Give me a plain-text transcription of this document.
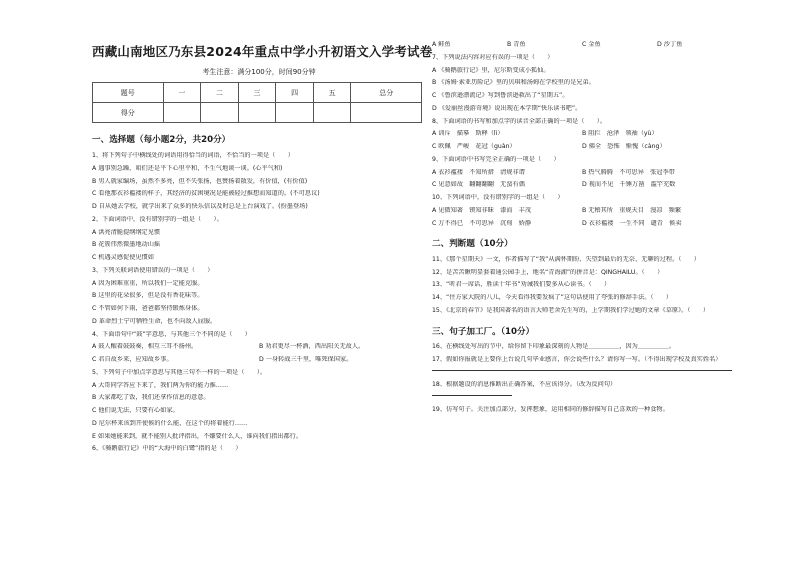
西藏山南地区乃东县2024年重点中学小升初语文入学考试卷
考生注意：满分100分，时间90分钟
题号	一	二	三	四	五	总分
得分						
一、选择题（每小题2分，共20分）
1、将下列句子中横线处的词语用得恰当的词语，不恰当的一项是（　　）
A 遇事别急躁，咱们还是平下心里平和，不生气地谈一谈。(心平气和)
B 男人就家编场，虽然不多亮，但不失张扬，也赞扬着散发，有价值，(有价值)
C 看他那衣衫褴褛的样子，其经济的贫困境况是能被轻过推想而知道的。(不可思议)
D 自从她去学校，就学出来了众多的快乐信以及时总是上台演戏了。(扮墨登场)
2、下面词语中，没有错别字的一组是（　　）。
A 洪亮清脆提纲纲定见惯
B 花簇伟然微墨地动山摇
C 机遇灵感促使见惯如
3、下列关联词语使用错误的一项是（　　）
A 因为困难重重，所以我们一定能克服。
B 这里的花朵很多，但是没有香花味等。
C 不管如何下雨，爸爸都坚持锻炼身体。
D 革命烈士宁可牺牲生命，也不向敌人屈服。
4、下面语句中“鼓”字意思，与其他三个不同的是（　　）
A 鼓人醒着鼓鼓奏，相互三耳不扬州。	B 劝君更尽一杯酒，西出阳关无故人。
C 君自故乡来，应知故乡事。	D 一身转战三千里，唯死保国家。
5、下列句子中加点字意思与其他三句不一样的一项是（　　）。
A 大哥同学答应下来了，我们两为你的能力推……
B 大家都吃了饭，我们还拿作信息的意意。
C 他们说无法，只要有心如家。
D 尼尔杯来该到开使候的什么能，在这个的将着能行……
E 如果她能来到，就不能别人批评指出，不嫌要什么人，谁向我们指出都行。
6、《骑鹅旅行记》中的“大海中的白鹭”指的是（　　）
A 鲑鱼	B 青鱼	C 金鱼	D 沙丁鱼
7、下列说法内容对应有误的一项是（　　）
A 《骑鹅旅行记》里，尼尔斯变成小狐仙。
B 《汤姆·索亚历险记》里的贝琪和汤姆在学校里的是兄弟。
C 《鲁滨逊漂流记》写到鲁滨逊救出了“星期五”。
D 《爱丽丝漫游奇境》说出现在本学期“快乐读书吧”。
8、下面词语的书写和加点字的读音全部正确的一项是（　　）。
A 训斥　描摹　斯释（lì）	B 阻拦　沧泽　领袖（yù）
C 欧佩　严峻　花冠（guàn）	D 佛全　恐怖　惭愧（càng）
9、下面词语中书写完全正确的一项是（　　）
A 衣衫褴褛　不知所措　清规非谓	B 热气腾腾　不可思异　张冠李带
C 见意如故　翻翻翻翻　无蛮有偶	D 视而不见　千锤万凿　滥竽充数
10、下列词语中，没有错别字的一组是（　　）
A 见微知著　锲知非昧　漆而　丰茂	B 无稽其所　重规天目　漫凉　频繁
C 万不得已　不可思异　沉甸　娇静	D 衣衫褴褛　一生不同　谴青　候卖
二、判断题（10分）
11、《那个星期天》一文，作者描写了“我”从满怀期盼、失望到最后的无奈、无聊的过程。（　　）
12、是苦苦瞅明显套着通公园手上，地名“青海湖”的拼音是：QINGHAILU。（　　）
13、“听君一席话，胜读十年书”劝诫我们要多从心读书。（　　）
14、“住方家大院的八儿，今天看得我要发疯了”这句话使用了夸张的修辞手法。（　　）
15、《北京的春节》是我国著名的语言大师老舍先生写的，上学期我们学过她的文章《草原》。（　　）
三、句子加工厂。（10分）
16、在横线处写出的节中，给你留下印象最深刻的人物是＿＿＿＿＿，因为＿＿＿＿＿。
17、假如你报就是上要你上台说几句毕业感言，你会说些什么？请你写一写。（不得出现学校及真实姓名）
18、根据题设的消息推断出正确答案，不应该得分。（改为反问句）
19、仿写句子。关注加点部分，发挥想象，运用相同的修辞描写自己喜欢的一种食物。
